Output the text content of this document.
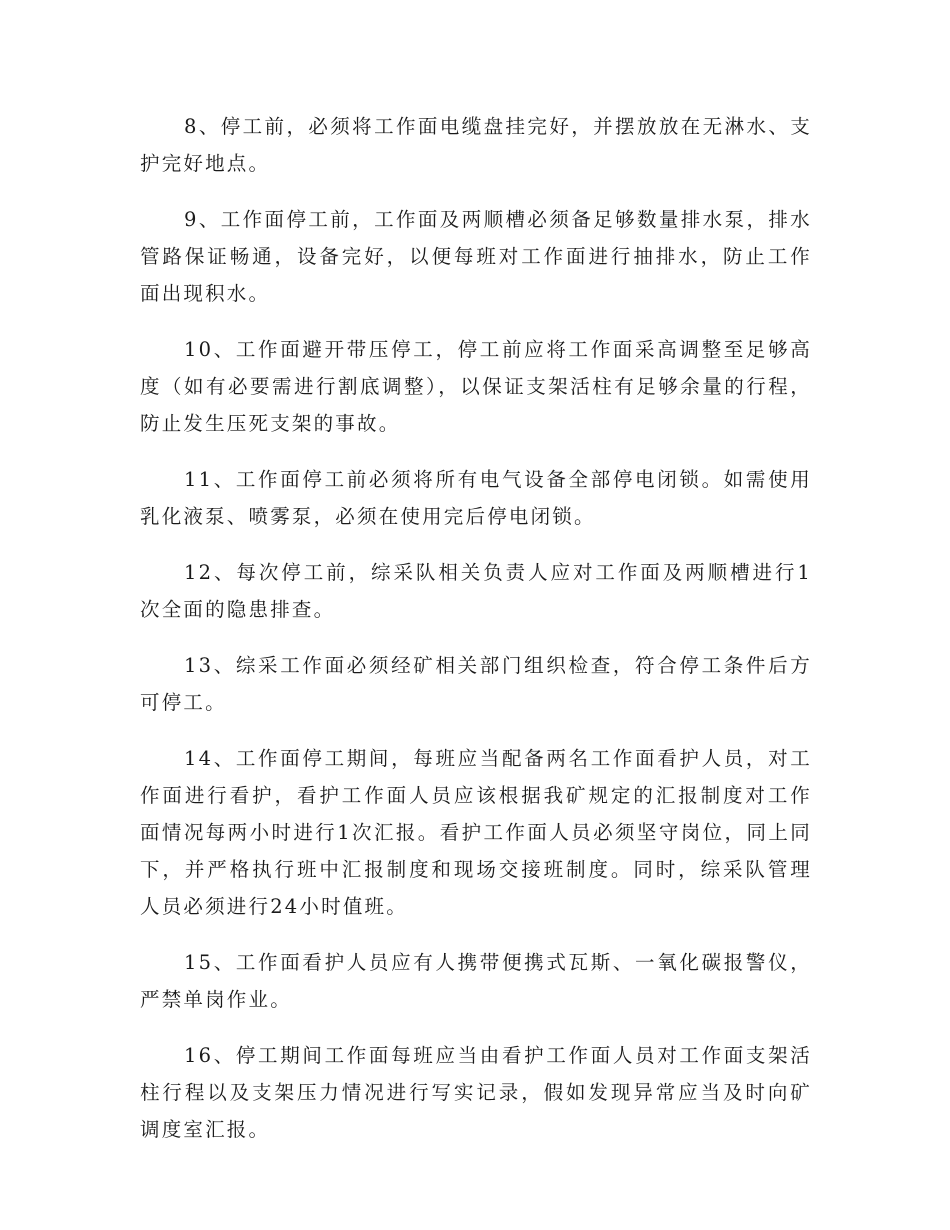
8、停工前，必须将工作面电缆盘挂完好，并摆放放在无淋水、支护完好地点。

9、工作面停工前，工作面及两顺槽必须备足够数量排水泵，排水管路保证畅通，设备完好，以便每班对工作面进行抽排水，防止工作面出现积水。

10、工作面避开带压停工，停工前应将工作面采高调整至足够高度（如有必要需进行割底调整），以保证支架活柱有足够余量的行程，防止发生压死支架的事故。

11、工作面停工前必须将所有电气设备全部停电闭锁。如需使用乳化液泵、喷雾泵，必须在使用完后停电闭锁。

12、每次停工前，综采队相关负责人应对工作面及两顺槽进行1次全面的隐患排查。

13、综采工作面必须经矿相关部门组织检查，符合停工条件后方可停工。

14、工作面停工期间，每班应当配备两名工作面看护人员，对工作面进行看护，看护工作面人员应该根据我矿规定的汇报制度对工作面情况每两小时进行1次汇报。看护工作面人员必须坚守岗位，同上同下，并严格执行班中汇报制度和现场交接班制度。同时，综采队管理人员必须进行24小时值班。

15、工作面看护人员应有人携带便携式瓦斯、一氧化碳报警仪，严禁单岗作业。

16、停工期间工作面每班应当由看护工作面人员对工作面支架活柱行程以及支架压力情况进行写实记录，假如发现异常应当及时向矿调度室汇报。
